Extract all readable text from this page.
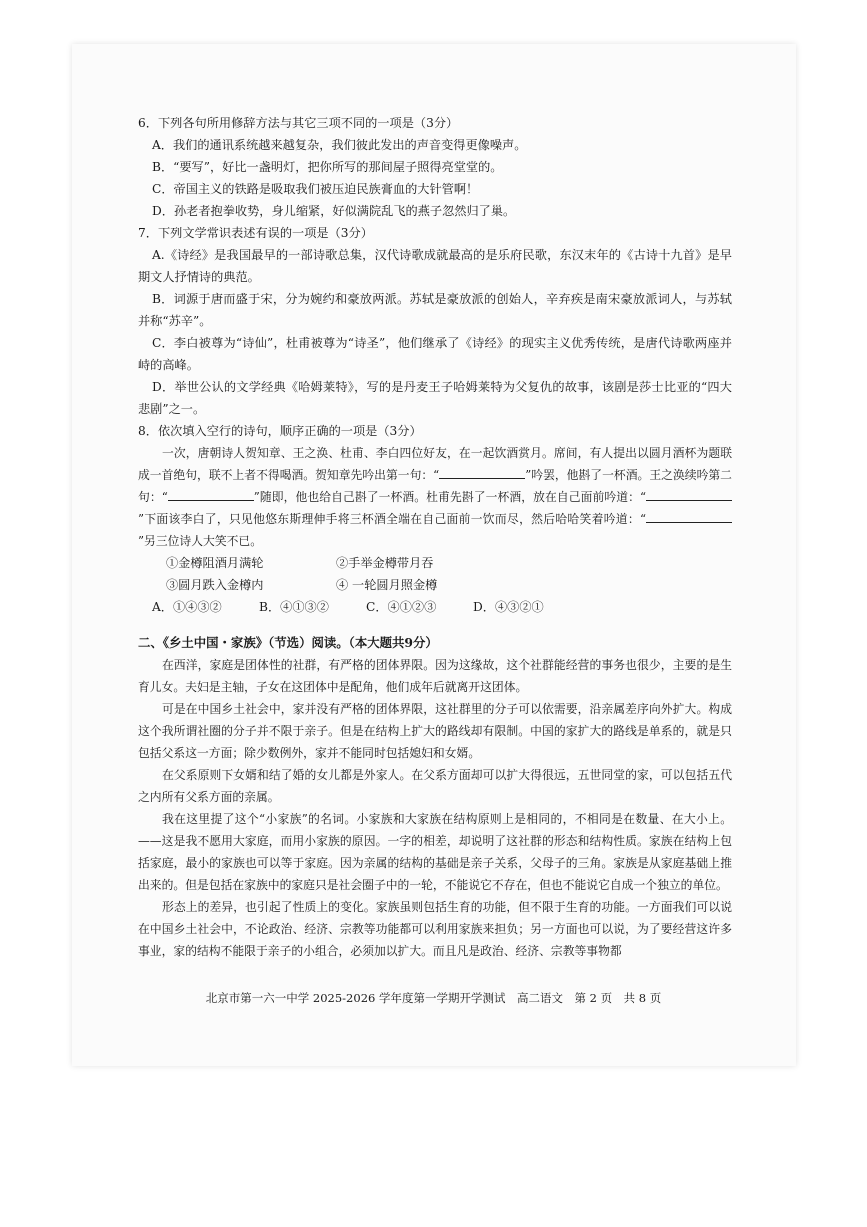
6．下列各句所用修辞方法与其它三项不同的一项是（3分）

A．我们的通讯系统越来越复杂，我们彼此发出的声音变得更像噪声。

B．“要写”，好比一盏明灯，把你所写的那间屋子照得亮堂堂的。

C．帝国主义的铁路是吸取我们被压迫民族膏血的大针管啊！

D．孙老者抱拳收势，身儿缩紧，好似满院乱飞的燕子忽然归了巢。

7．下列文学常识表述有误的一项是（3分）

A.《诗经》是我国最早的一部诗歌总集，汉代诗歌成就最高的是乐府民歌，东汉末年的《古诗十九首》是早期文人抒情诗的典范。

B．词源于唐而盛于宋，分为婉约和豪放两派。苏轼是豪放派的创始人，辛弃疾是南宋豪放派词人，与苏轼并称“苏辛”。

C．李白被尊为“诗仙”，杜甫被尊为“诗圣”，他们继承了《诗经》的现实主义优秀传统，是唐代诗歌两座并峙的高峰。

D．举世公认的文学经典《哈姆莱特》，写的是丹麦王子哈姆莱特为父复仇的故事，该剧是莎士比亚的“四大悲剧”之一。

8．依次填入空行的诗句，顺序正确的一项是（3分）

一次，唐朝诗人贺知章、王之涣、杜甫、李白四位好友，在一起饮酒赏月。席间，有人提出以圆月酒杯为题联成一首绝句，联不上者不得喝酒。贺知章先吟出第一句：“	”吟罢，他斟了一杯酒。王之涣续吟第二句：“	”随即，他也给自己斟了一杯酒。杜甫先斟了一杯酒，放在自己面前吟道：“”下面该李白了，只见他悠东斯理伸手将三杯酒全端在自己面前一饮而尽，然后哈哈笑着吟道：“”另三位诗人大笑不已。

①金樽阻酒月满轮	②手举金樽带月吞
③圆月跌入金樽内	④ 一轮圆月照金樽
A．①④③②	B．④①③②	C．④①②③	D．④③②①

二、《乡土中国・家族》（节选）阅读。（本大题共9分）

在西洋，家庭是团体性的社群，有严格的团体界限。因为这缘故，这个社群能经营的事务也很少，主要的是生育儿女。夫妇是主轴，子女在这团体中是配角，他们成年后就离开这团体。

可是在中国乡土社会中，家并没有严格的团体界限，这社群里的分子可以依需要，沿亲属差序向外扩大。构成这个我所谓社圈的分子并不限于亲子。但是在结构上扩大的路线却有限制。中国的家扩大的路线是单系的，就是只包括父系这一方面；除少数例外，家并不能同时包括媳妇和女婿。

在父系原则下女婿和结了婚的女儿都是外家人。在父系方面却可以扩大得很远，五世同堂的家，可以包括五代之内所有父系方面的亲属。

我在这里提了这个“小家族”的名词。小家族和大家族在结构原则上是相同的，不相同是在数量、在大小上。——这是我不愿用大家庭，而用小家族的原因。一字的相差，却说明了这社群的形态和结构性质。家族在结构上包括家庭，最小的家族也可以等于家庭。因为亲属的结构的基础是亲子关系，父母子的三角。家族是从家庭基础上推出来的。但是包括在家族中的家庭只是社会圈子中的一轮，不能说它不存在，但也不能说它自成一个独立的单位。

形态上的差异，也引起了性质上的变化。家族虽则包括生育的功能，但不限于生育的功能。一方面我们可以说在中国乡土社会中，不论政治、经济、宗教等功能都可以利用家族来担负；另一方面也可以说，为了要经营这许多事业，家的结构不能限于亲子的小组合，必须加以扩大。而且凡是政治、经济、宗教等事物都

北京市第一六一中学 2025-2026 学年度第一学期开学测试　高二语文　第 2 页　共 8 页
